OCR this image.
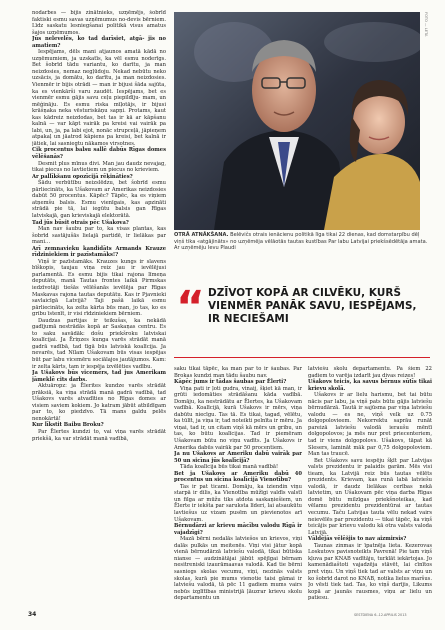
nodarbes — bijis zinātnieks, uzņēmējs, šobrīd faktiski esmu savas uzņēmumus no-devis bērniem. Līdz saskatu lesniegšanai politikā visus amatus šajos uzņēmumos.

Jūs nelevelēs, ko tad darīsiet, atgā- jis no amatiem?

Iespējams, dēls mani atjaunos amatā kādā no uzņēmumiem, ja uzskatīs, ka vēl esmu noderīgs. Bet šobrīd tādu variantu, ko darītu, ja man neizdosies, nemaz negļūdoju. Nekad nebūtu neko uzsācis, ja domātu, ko darītu, ja man neizdosies. Vienmēr ir bijis otrādi — man ir bijusi šāda sajūta, ka es vienkārši varu zaudēt. Iespējams, bet es vienmēr esmu gājis savu ceļu piepildīju- mam, un mēģināju. Es esmu riska mīļotājs, ir bijusi krāšņaka neka vēsturiskāņu sapņi. Protams, kaut kas kādreiz neizdodas, bet tas ir kā ar kāpšanu kalnā — var kāpt vairāk pa kreisi vai vairāk pa labi, un, ja, pa labi ejot, nonāc strupceļā, jāpieņem atpakaļ un jāatrod kāpiens pa kreisi, bet kalnā ir jātiek, lai sasniegtu nākamos virsotnes.

Cik procentus balsu sallē dabūs Rīgas domes vēlēšanās?

Desmit plus mīnus divi. Man jau daudz nevajag, tikai piecus no lavtietiem un piecus no krieviem.

Ar pallīkšanu opozīcijā rēķināties?

Šādu verbūtību neizslēdzu, bet šobrīd esmu pārliecināts, ka Ušakovam ar Amerikas neizdosies dabūt 50 procentus. Kāpēc? Tāpēc, ka es viņiem atņemšu balsis. Esmu vienīgais, kas apzināti strādā pie tā, lai iegūtu balsis gan Rīgas latviskajā, gan krieviskajā elektorātā.

Tad jūs būsit otrais pēc Ušakova?

Man nav šaubu par to, ka visas plantas, kas šobrīd sastājušās lielajā partidē, ir lielākas par mani…

Arī zemnavieku kandidāts Armands Krauze rīdziniekiem ir pazīstamāks!?

Viņš ir pazīstamāks. Krauzes kungs ir slavens bīškopis, taujau viņa reiz jau ir ievēlējusi parlamentā. Es esmu bijis tikai rajona līmeņa deputāts, manā Tautas frontes laikā Pirmskas iedzīvotāji tiešās vēlēšanās ievēlēja par Rīgas Maskavas rajona tautas deputātu. Kas ir Pjavnieki savlaicīgā Latvijā? Taji pašā laikā esmu pārliecināts, ka zelta kārta būs man, jo tas, ko es gribu īstenīt, ir visi rīdziniekiem bērniem.

Daudzas partijas ir teikušas, ka nekādā gadījumā nestrādās kopā ar Saskaņas centru. Es to saku savādāk: došu priekšroku latviskai koalīcijai. Ja Ēriņzes kunga varēs strādāt manā gadrā vadībā, tad tīgā būs latviskā koalīcija. Ja nevarēs, tad Nīlam Ušakovam būs visas iespējas būt par labu vicemēru sociālajos jautājumos. Kam: ir zelta kārts, tam ir iespēja izvēlēties vadību.

Ja Ušakovs būs vicemērs, tad jus Amerikam jāmeklē cits darbs.

Aktuāropz: ja Ēlerites kundze varēs strādāt prāksiā, ka viņa strādā manā gadrā vadībā, tad Ušakovs varēs atvadīties no Rīgas domes ar visiem saviem kokiem. Jo katram jābūt atbildīgam par to, ko piedzīvo. Tā mans galdu pelēs nenokārtā!

Kur līkstit Baibu Broku?

Par Ēlertes kundzi to, vai viņa varēs strādāt priekšā, ka var strādāt manā vadībā,

FOTO — LETA
OTRĀ ATNĀKŠANA. Belēvičs otrais ienācienu politikā līga tikai 22 dienas, kad domstarpību dēļ viņš tika «atgājināts» no uzņēmēja vēlāotās tautas kustības Par labu Latvijai priekšsēdētāja amata. Ar uzņēmēju Ievu Plaudi
“ DZĪVOT KOPĀ AR CILVĒKU, KURŠ VIENMĒR PANĀK SAVU, IESPĒJAMS, IR NECIEŠAMI

saku tikai tāpēc, ka man par to ir šaubas. Par Brokas kundzi man tādu šaubu nav.

Kāpēc jums ir tādas šaubas par Ēlerti?

Viņa pati ir ļoti gudra, vinaij, šķiet kā man, ir grūti iedomāties strādāšanu kāda vadībā. Domāju, ka nestrādātu ar Ēlertes, ka Ušakovam vadībā. Koalīcijā, kurā Ušakovs ir mērs, viņa dabūtu niecīgu. Tas tā. Es tikai, tagad, vēlētu, ka tūlīt, ja viņa ir, tad noteikti pelnīta ir mēru. Ja viņai, tad ir, un citam viņš kā mērs un gribu, un tas, ko būtu koalīcijas. Tad ir piemēram Ušakovam būtu no viņu vadīts. Ja Ušakovs ir Amerika dabūs vairāk par 50 procentiem.

Ja nu Ušakovs ar Ameriku dabū vairāk par 50 un sicīna jūs koalīcijā?

Tāda koalīcija būs tikai manā vadībā!

Bet ja Ušakovs ar Ameriku dabū 40 procentus un sicīna koalīcijā Vienotību?

Tas ir pat ticami. Domāju, ka iziendin viņu starpā ir dilis, ka Vienotība mūžīgi valdīs valstī un filga ar mūžu tiks atdota saskaņiešiem, un Ēlerte ir iekšta par saruksta līderi, lai atsaukūtu lavtiešus uz vizam pusēm un pievienotos arī Ušakovam.

Bērnudārzi ar krievu mācību valodu Rīgā ir vajadzīgi?

Mazā bērni nedalās latviešos un krievos, viņi dalās pulkās un meitenēs. Viņi visi jātur kopā vienā bērnudārzā latviešu valodā, tikai būtiska nianse — audzinātājai jābūt spējīgai bērnam nesitreniski izaurāmaavas valodā. Kad tie bērni sasniegs skolas vecumu, viņi, nezinās valsts skolas, kurā pie mums vienotie taisi gāmai ir latviešu valodā, tā pēc 11 gadiem mums vairs nebūs izglītības ministrijā ļāuzrar krievu skolu departamentu un

latviešu skolu departamentu. Pa šiem 22 gadiem to varēja izdarīt jau divas reizes!

Ušakovs teicis, ka savus bērnus sūtīs tikai krievu skolā.

Ušakovs ir ar lielu harismu, bet tai būtu nācis par labu, ja viņš pats būtu gājis latviešu bērnudārzā. Tautā ir sajūsma par viņa latviešu valodu — es ne, viņš velk uz 0.75 dolgopolovieem. Nekorrektu saprāu runāt pareizā latviešu valodā ieraušu mēntī dolgopolovos; ja mēs nur pret priecenteriem, tad ir viens dolgopolovs. Ušakovs, tāpat kā Slesers, lamināt māk par 0,75 dolgopoloviem. Man tas traucē.

Bet Ušakovs savu iespēju šķīt par Latvijas valsts prezidentu ir palaidis garām. Mēs visi tieam, ka Latvijā reiz būs tautas vēlēts prezidents. Krievam, kas runā labā latviešu valodā, ir daudz lielākas cerības nekā latvietim, un Ušakovam pēc viņa darba Rīgas domē būtu milzīgas priekšnoteikas, kad vēlamu prezidentu prezidentūrai ar tautas vecumu. Taču Latvijas tauta vēlu nekad vairs neievēlēs par prezidentu — tikai tāpēc, ka viņš teicājis par krievu valodu kā otra valsts valoda Latvijā.

Vāldējās vēlēšjis to nav aizmirsis?

Taunas zinmas ir īpatnēja lieta. Kezerovas Loskutovs pavisnoteikts Pavrenā! Pie tam viņš kļuva par KNAB vadītāju, turklāt iekārtojas. Jo kamenādiaštoti vajadzēja stāvēt, lai cīnītos pret viņu. Un viņš tiek tad ar valsts ar viņu un ko šobrīd darot no KNAB, notika lielus maršus. Jo vēsti tiek tad. Tas, ko viņš darījis, Likums kopā ar jaunās rausmes, viņu ar lielu un patiesu.

34	SESTDIENA 6.-12.APRILIS 2013
